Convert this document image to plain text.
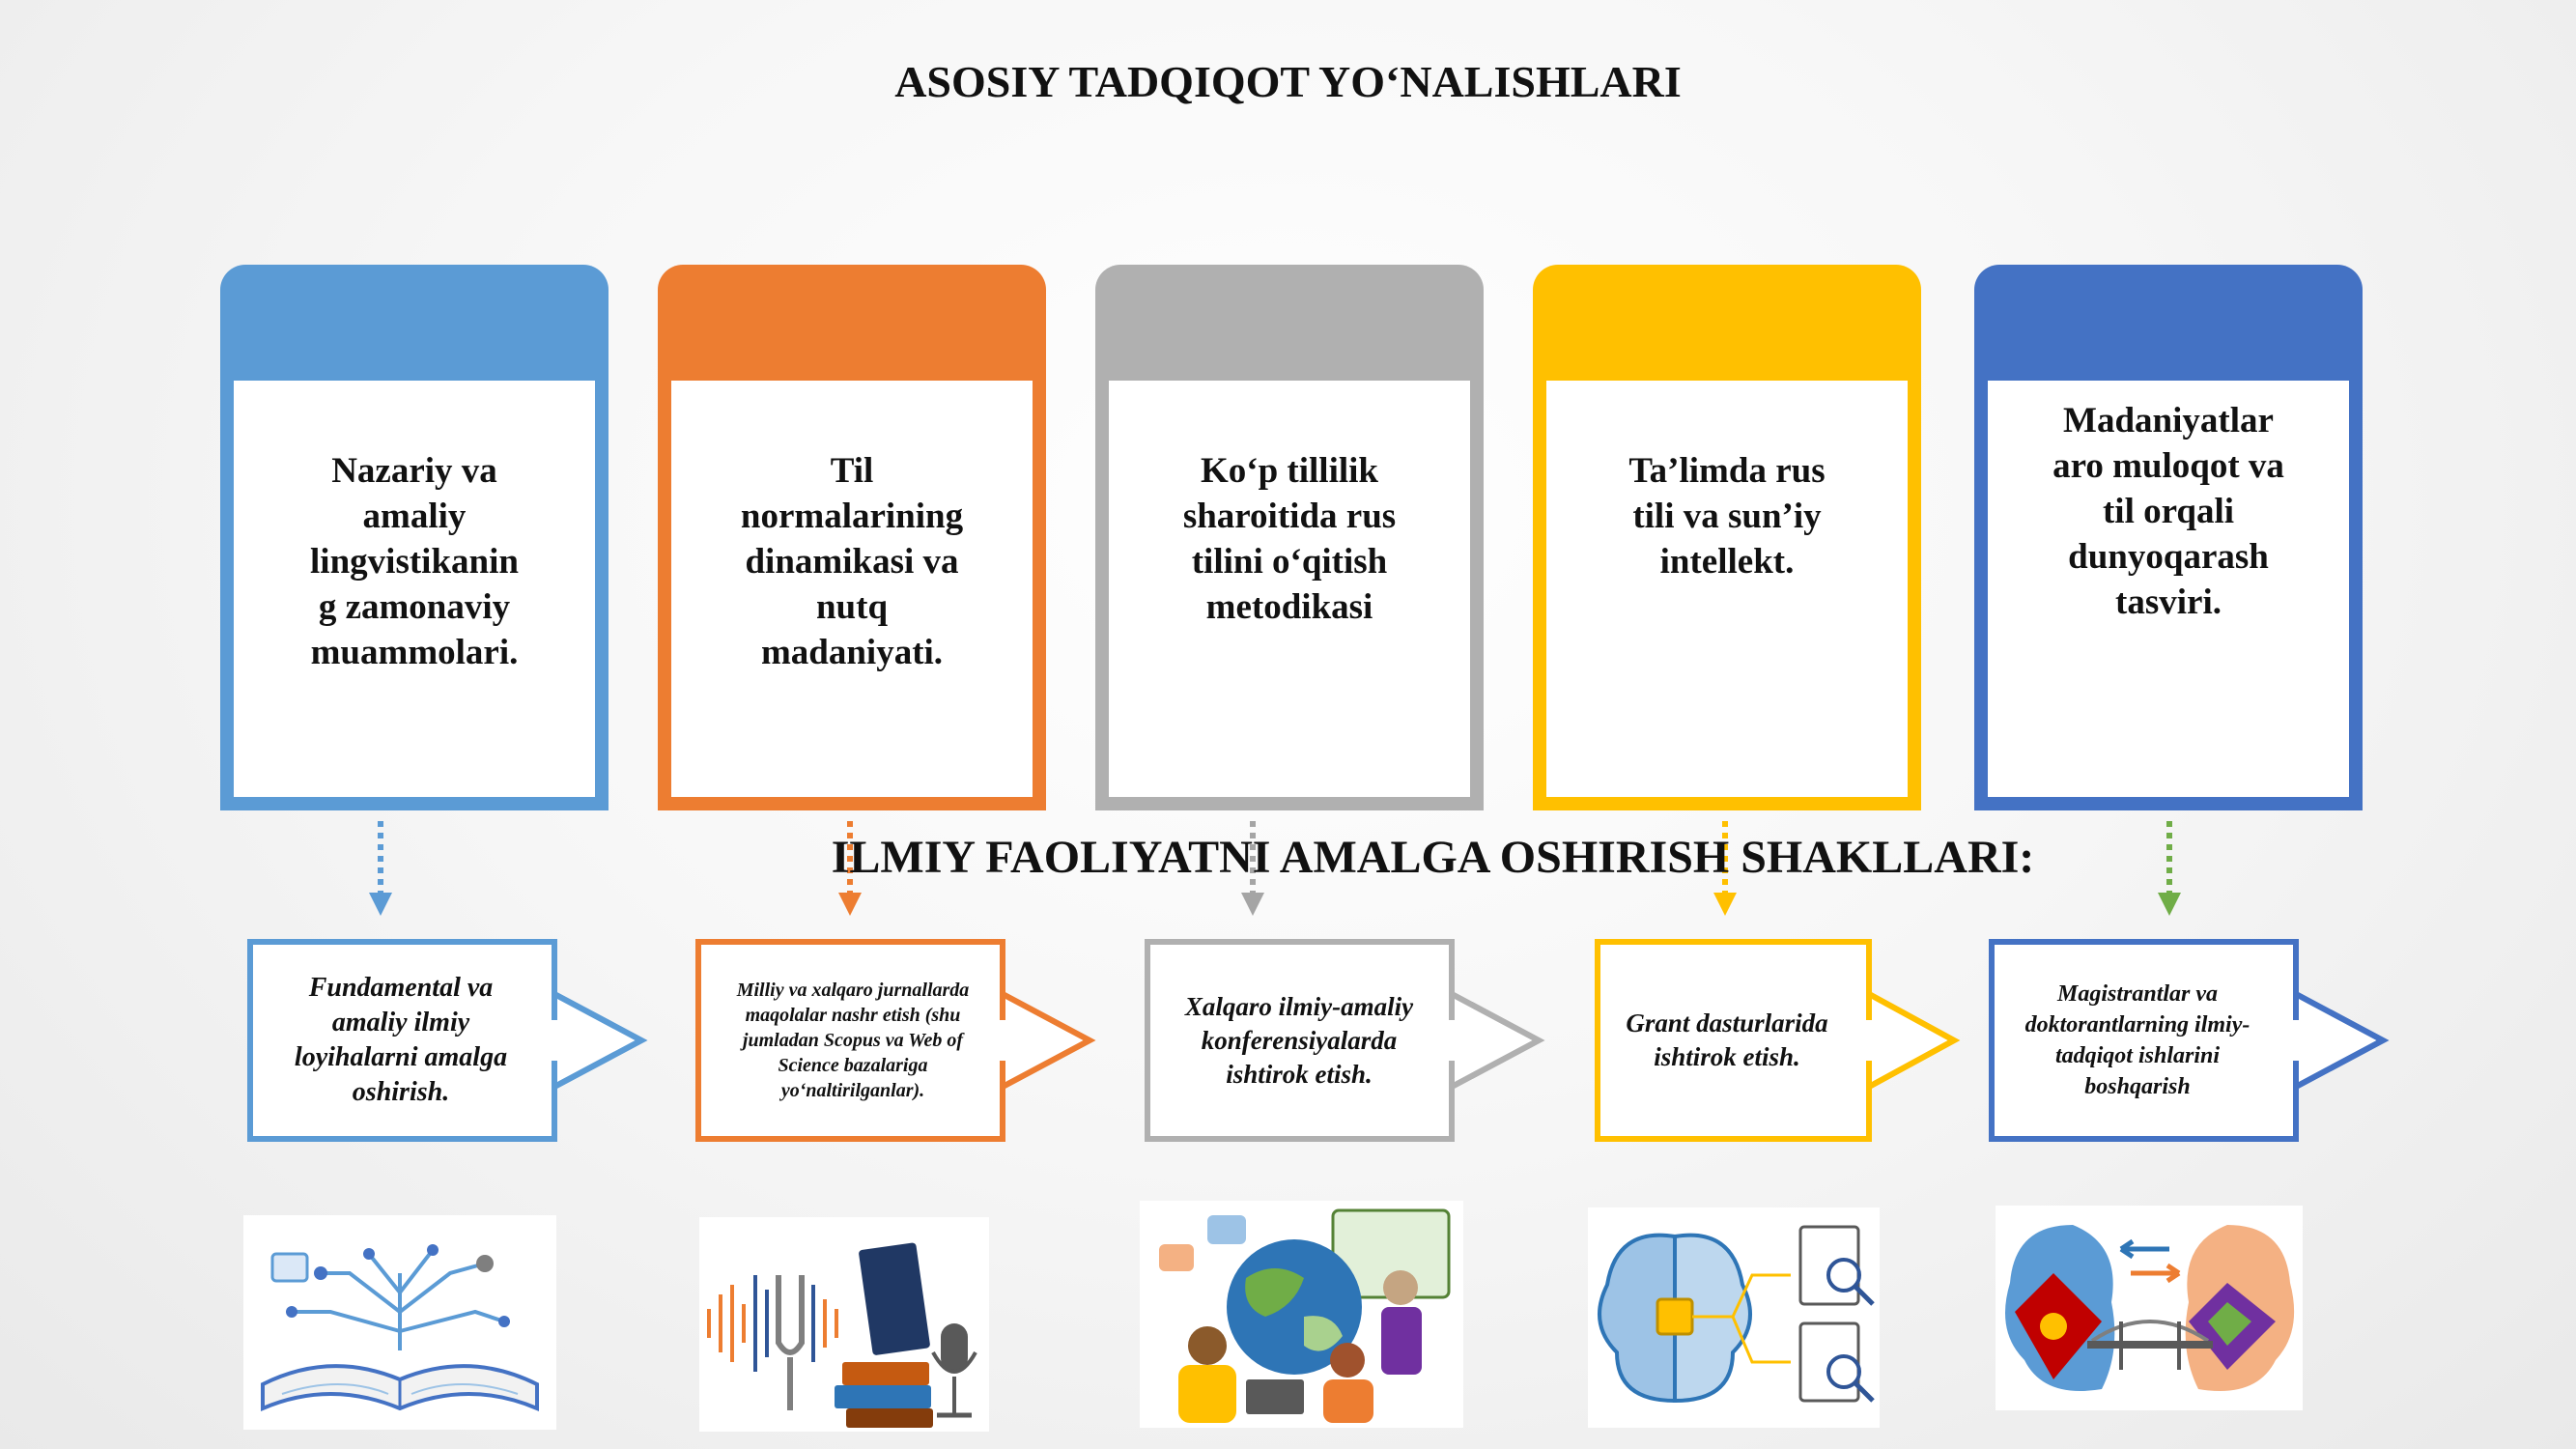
ASOSIY TADQIQOT YO‘NALISHLARI
Nazariy va amaliy lingvistikanin g zamonaviy muammolari.
Til normalarining dinamikasi va nutq madaniyati.
Ko‘p tillilik sharoitida rus tilini o‘qitish metodikasi
Ta’limda rus tili va sun’iy intellekt.
Madaniyatlar aro muloqot va til orqali dunyoqarash tasviri.
ILMIY FAOLIYATNI AMALGA OSHIRISH SHAKLLARI:
Fundamental va amaliy ilmiy loyihalarni amalga oshirish.
Milliy va xalqaro jurnallarda maqolalar nashr etish (shu jumladan Scopus va Web of Science bazalariga yo‘naltirilganlar).
Xalqaro ilmiy-amaliy konferensiyalarda ishtirok etish.
Grant dasturlarida ishtirok etish.
Magistrantlar va doktorantlarning ilmiy-tadqiqot ishlarini boshqarish
